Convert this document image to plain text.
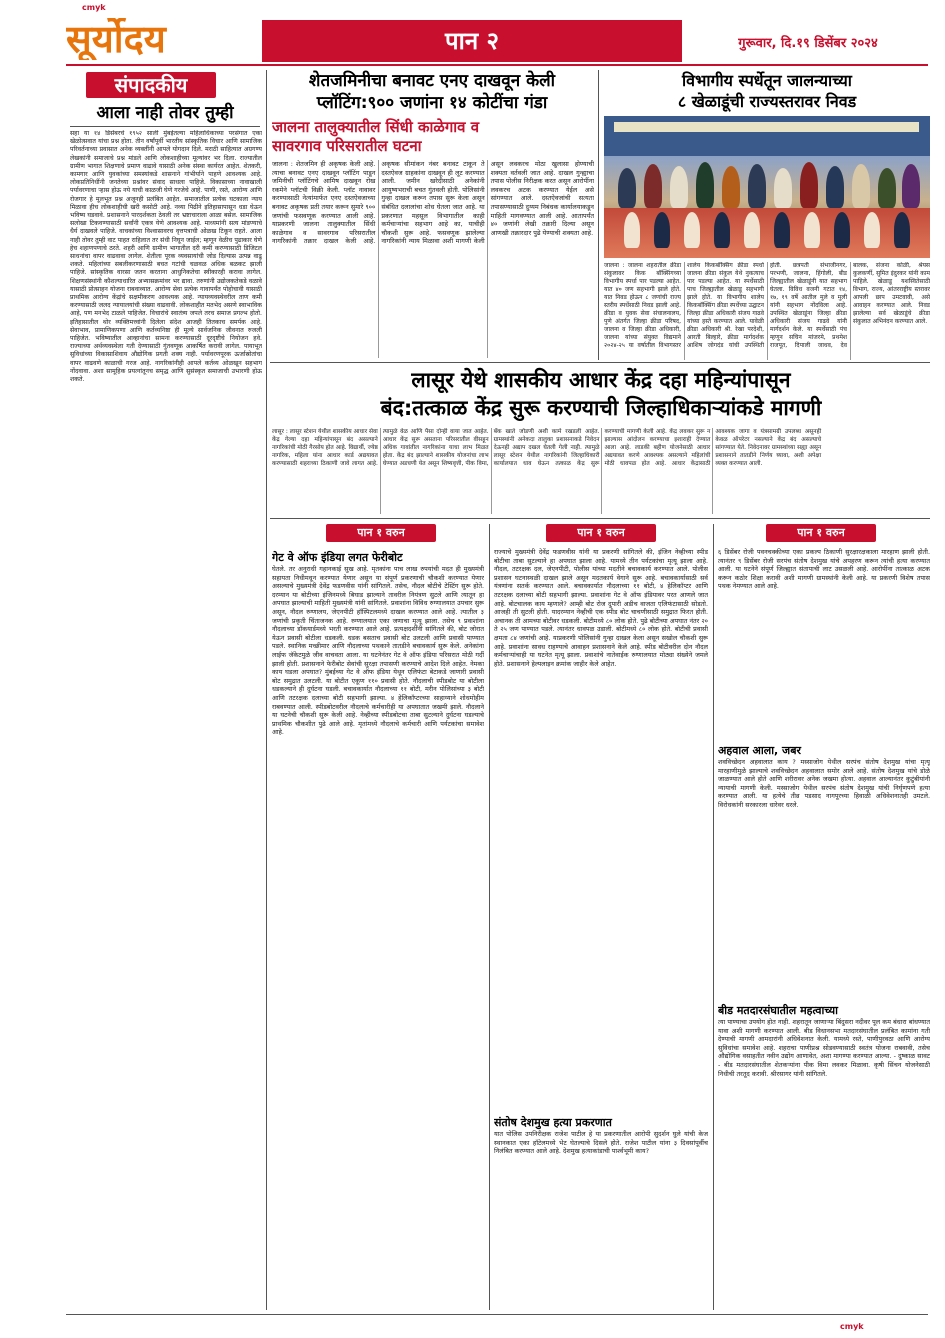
cmyk
सूर्योदय	पान २	गुरूवार, दि.१९ डिसेंबर २०२४
संपादकीय
आला नाही तोवर तुम्ही
सहा या १४ डिसेंबरचे १९५२ साली मुंबईतल्या महिलाधिकाच्या परसंगात एका खेळोत्सवात यांचा प्रश्न होता. तीन वर्षांपूर्वी भारतीय सांस्कृतिक विचार आणि सामाजिक परिवर्तनाच्या प्रवासात अनेक व्यक्तींनी आपले योगदान दिले. मराठी साहित्यात अग्रगण्य लेखकांनी समाजाचे प्रश्न मांडले आणि लोकशाहीच्या मूल्यांवर भर दिला. राज्यातील ग्रामीण भागात शिक्षणाचे प्रमाण वाढावे यासाठी अनेक संस्था कार्यरत आहेत. शेतकरी, कामगार आणि युवकांच्या समस्यांकडे शासनाने गांभीर्याने पाहणे आवश्यक आहे. लोकप्रतिनिधींनी जनतेच्या प्रश्नांवर संवाद साधला पाहिजे. विकासाच्या नावाखाली पर्यावरणाचा ऱ्हास होऊ नये याची काळजी घेणे गरजेचे आहे. पाणी, रस्ते, आरोग्य आणि रोजगार हे मूलभूत प्रश्न अजूनही प्रलंबित आहेत. समाजातील प्रत्येक घटकाला न्याय मिळावा हीच लोकशाहीची खरी कसोटी आहे. नव्या पिढीने इतिहासापासून धडा घेऊन भविष्य घडवावे. प्रशासनाने पारदर्शकता ठेवली तर भ्रष्टाचाराला आळा बसेल. सामाजिक सलोखा टिकवण्यासाठी सर्वांनी एकत्र येणे आवश्यक आहे. माध्यमांनी सत्य मांडण्याचे धैर्य दाखवले पाहिजे. वाचकांच्या विश्वासावरच वृत्तपत्राची ओळख टिकून राहते. आला नाही तोवर तुम्ही वाट पाहत राहिलात तर संधी निघून जाईल; म्हणून वेळीच पुढाकार घेणे हेच शहाणपणाचे ठरते. शहरी आणि ग्रामीण भागातील दरी कमी करण्यासाठी डिजिटल साधनांचा वापर वाढवावा लागेल. शेतीला पूरक व्यवसायांची जोड दिल्यास उत्पन्न वाढू शकते. महिलांच्या सबलीकरणासाठी बचत गटांची चळवळ अधिक बळकट झाली पाहिजे. सांस्कृतिक वारसा जतन करताना आधुनिकतेचा स्वीकारही करावा लागेल. शिक्षणसंस्थांनी कौशल्याधारित अभ्यासक्रमांवर भर द्यावा. तरुणांनी उद्योजकतेकडे वळावे यासाठी प्रोत्साहन योजना राबवाव्यात. आरोग्य सेवा प्रत्येक गावापर्यंत पोहोचावी यासाठी प्राथमिक आरोग्य केंद्रांचे सक्षमीकरण आवश्यक आहे. न्यायव्यवस्थेवरील ताण कमी करण्यासाठी जलद न्यायालयांची संख्या वाढवावी. लोकशाहीत मतभेद असणे स्वाभाविक आहे, पण मनभेद टाळले पाहिजेत. विचारांचे स्वातंत्र्य जपले तरच समाज प्रगल्भ होतो. इतिहासातील थोर व्यक्तिमत्त्वांनी दिलेला संदेश आजही तितकाच समर्पक आहे. सेवाभाव, प्रामाणिकपणा आणि कर्तव्यनिष्ठा ही मूल्ये सार्वजनिक जीवनात रुजली पाहिजेत. भविष्यातील आव्हानांचा सामना करण्यासाठी दूरदृष्टीचे नियोजन हवे. राज्याच्या अर्थव्यवस्थेला गती देण्यासाठी गुंतवणूक आकर्षित करावी लागेल. पायाभूत सुविधांच्या विकासाशिवाय औद्योगिक प्रगती शक्य नाही. पर्यावरणपूरक ऊर्जास्रोतांचा वापर वाढवणे काळाची गरज आहे. नागरिकांनीही आपले कर्तव्य ओळखून सहभाग नोंदवावा. अशा सामूहिक प्रयत्नांतूनच समृद्ध आणि सुसंस्कृत समाजाची उभारणी होऊ शकते.
शेतजमिनीचा बनावट एनए दाखवून केली
प्लॉटिंग:९०० जणांना १४ कोटींचा गंडा
जालना तालुक्यातील सिंधी काळेगाव व सावरगाव परिसरातील घटना
जालना : शेतजमिन ही अकृषक केली आहे. त्याचा बनावट एनए दाखवून प्लॉटिंग पाडून जमिनीची प्लॉटिंगचे आमिष दाखवून रोख रकमेने प्लॉटची विक्री केली. प्लॉट नावावर करण्यासाठी नेत्यांमार्फत एनए दस्तऐवजाच्या बनावट अकृषक प्रती तयार करून सुमारे ९०० जणांची फसवणूक करण्यात आली आहे. याप्रकरणी जालना तालुक्यातील सिंधी काळेगाव व सावरगाव परिसरातील नागरिकांनी तक्रार दाखल केली आहे. अकृषक सीमांकन नंबर बनावट टाकून ते दस्तऐवज ग्राहकांना दाखवून ही लूट करण्यात आली. जमीन खरेदीसाठी अनेकांनी आयुष्यभराची बचत गुंतवली होती. पोलिसांनी गुन्हा दाखल करून तपास सुरू केला असून संबंधित दलालांचा शोध घेतला जात आहे. या प्रकरणात महसूल विभागातील काही कर्मचाऱ्यांचा सहभाग आहे का, याचीही चौकशी सुरू आहे. फसवणूक झालेल्या नागरिकांनी न्याय मिळावा अशी मागणी केली असून लवकरच मोठा खुलासा होण्याची शक्यता वर्तवली जात आहे. दाखल गुन्ह्याचा तपास पोलीस निरीक्षक करत असून आरोपींना लवकरच अटक करण्यात येईल असे सांगण्यात आले. दस्तऐवजांची सत्यता तपासण्यासाठी दुय्यम निबंधक कार्यालयाकडून माहिती मागवण्यात आली आहे. आतापर्यंत ४० जणांनी लेखी तक्रारी दिल्या असून आणखी तक्रारदार पुढे येण्याची शक्यता आहे.
विभागीय स्पर्धेतून जालन्याच्या
८ खेळाडूंची राज्यस्तरावर निवड
जालना : जालना शहरातील क्रीडा संकुलावर किक बॉक्सिंगच्या विभागीय स्पर्धा पार पडल्या आहेत. यात ४० जण सहभागी झाले होते. यात निवड होऊन ८ जणांची राज्य स्तरीय स्पर्धेसाठी निवड झाली आहे. क्रीडा व युवक सेवा संचालनालय, पुणे अंतर्गत जिल्हा क्रीडा परिषद, जालना व जिल्हा क्रीडा अधिकारी, जालना यांच्या संयुक्त विद्यमाने २०२४-२५ या वर्षातील विभागस्तर शालेय किकबॉक्सिंग क्रीडा स्पर्धा जालना क्रीडा संकुल येथे नुकत्याच पार पडल्या आहेत. या स्पर्धेसाठी पाच जिल्ह्यातील खेळाडू सहभागी झाले होते. या विभागीय शालेय किकबॉक्सिंग क्रीडा स्पर्धेच्या उद्घाटन जिल्हा क्रीडा अधिकारी संजय गाढवे यांच्या हस्ते करण्यात आले. यावेळी क्रीडा अधिकारी श्री. रेखा परदेशी, आरती बिल्हारे, क्रीडा मार्गदर्शक आशिष जोगदंड यांची उपस्थिती होती. छत्रपती संभाजीनगर, परभणी, जालना, हिंगोली, बीड जिल्ह्यातील खेळाडूंनी यात सहभाग घेतला. विविध वजनी गटात १४, १७, १९ वर्षे आतील मुले व मुली यांनी सहभाग नोंदविला आहे. उपस्थित खेळाडूंना जिल्हा क्रीडा अधिकारी संजय गाढवे यांनी मार्गदर्शन केले. या स्पर्धेसाठी पंच म्हणून सचिन मांजरमे, प्रथमेश राजपूत, दिपाली जाधव, देव बालक, संजना कोळी, श्रेयस कुलकर्णी, सुमित इंदुरकर यांनी काम पाहिले. खेळाडू यशस्वितेसाठी विभाग, राज्य, आंतरराष्ट्रीय स्तरावर आपली छाप उमटवावी, असे आवाहन करण्यात आले. निवड झालेल्या सर्व खेळाडूंचे क्रीडा संकुलात अभिनंदन करण्यात आले.
लासूर येथे शासकीय आधार केंद्र दहा महिन्यांपासून
बंद:तत्काळ केंद्र सुरू करण्याची जिल्हाधिकाऱ्यांकडे मागणी
लासूर : लासूर स्टेशन येथील शासकीय आधार सेवा केंद्र गेल्या दहा महिन्यांपासून बंद असल्याने नागरिकांची मोठी गैरसोय होत आहे. विद्यार्थी, ज्येष्ठ नागरिक, महिला यांना आधार कार्ड अद्ययावत करण्यासाठी शहराच्या ठिकाणी जावे लागत आहे. त्यामुळे वेळ आणि पैसा दोन्ही वाया जात आहेत. आधार केंद्र सुरू असताना परिसरातील वीसहून अधिक गावांतील नागरिकांना याचा लाभ मिळत होता. केंद्र बंद झाल्याने शासकीय योजनांचा लाभ घेण्यात अडचणी येत असून शिष्यवृत्ती, पीक विमा, बँक खाते जोडणी अशी कामे रखडली आहेत. ग्रामस्थांनी अनेकदा तालुका प्रशासनाकडे निवेदन देऊनही अद्याप दखल घेतली गेली नाही. त्यामुळे लासूर स्टेशन येथील नागरिकांनी जिल्हाधिकारी कार्यालयात धाव घेऊन तत्काळ केंद्र सुरू करण्याची मागणी केली आहे. केंद्र लवकर सुरू न झाल्यास आंदोलन करण्याचा इशाराही देण्यात आला आहे. लाडकी बहीण योजनेसाठी आधार अद्ययावत करणे आवश्यक असल्याने महिलांची मोठी धावपळ होत आहे. आधार केंद्रासाठी आवश्यक जागा व यंत्रसामग्री उपलब्ध असूनही केवळ ऑपरेटर नसल्याने केंद्र बंद असल्याचे सांगण्यात येते. निवेदनावर ग्रामस्थांच्या सह्या असून प्रशासनाने तातडीने निर्णय घ्यावा, अशी अपेक्षा व्यक्त करण्यात आली.
पान १ वरुन	पान १ वरुन	पान १ वरुन
गेट वे ऑफ इंडिया लगत फेरीबोट
घेतले. तर अनुराधी गहानकाई सुख आहे. मृतकांना पाच लाख रुपयांची मदत ही मुख्यमंत्री सहायता निधीमधून करण्यात येणार असून या संपूर्ण प्रकरणाची चौकशी करण्यात येणार असल्याचे मुख्यमंत्री देवेंद्र फडणवीस यांनी सांगितले. तसेच, नौदल बोटीचे टेस्टिंग सुरू होते. दरम्यान या बोटीच्या इंजिनमध्ये बिघाड झाल्याने तावरील नियंत्रण सुटले आणि त्यातून हा अपघात झाल्याची माहिती मुख्यमंत्री यांनी सांगितले. प्रवाशांना विविध रुग्णालयात उपचार सुरू असून, नौदल रुग्णालय, जेएनपीटी हॉस्पिटलमध्ये दाखल करण्यात आले आहे. त्यातील ३ जणांची प्रकृती चिंताजनक आहे. रुग्णालयात एका जणाचा मृत्यू झाला. तसेच ९ प्रवाशांना नौदलाच्या डॉकयार्डमध्ये भरती करण्यात आले आहे. प्रत्यक्षदर्शींनी सांगितले की, बोट जोरात येऊन प्रवासी बोटीला धडकली. धडक बसताच प्रवासी बोट उलटली आणि प्रवासी पाण्यात पडले. स्थानिक मच्छीमार आणि नौदलाच्या पथकाने तातडीने बचावकार्य सुरू केले. अनेकांना लाईफ जॅकेटमुळे जीव वाचवता आला. या घटनेनंतर गेट वे ऑफ इंडिया परिसरात मोठी गर्दी झाली होती. प्रशासनाने फेरीबोट सेवांची सुरक्षा तपासणी करण्याचे आदेश दिले आहेत. नेमका काय घडला अपघात? मुंबईच्या गेट वे ऑफ इंडिया येथून एलिफंटा बेटाकडे जाणारी प्रवासी बोट समुद्रात उलटली. या बोटीत एकूण ११० प्रवासी होते. नौदलाची स्पीडबोट या बोटीला धडकल्याने ही दुर्घटना घडली. बचावकार्यात नौदलाच्या ११ बोटी, मरीन पोलिसांच्या ३ बोटी आणि तटरक्षक दलाच्या बोटी सहभागी झाल्या. ४ हेलिकॉप्टरच्या साहाय्याने शोधमोहीम राबवण्यात आली. स्पीडबोटवरील नौदलाचे कर्मचारीही या अपघातात जखमी झाले. नौदलाने या घटनेची चौकशी सुरू केली आहे. नेव्हीच्या स्पीडबोटचा ताबा सुटल्याने दुर्घटना घडल्याचे प्राथमिक चौकशीत पुढे आले आहे. मृतांमध्ये नौदलाचे कर्मचारी आणि पर्यटकांचा समावेश आहे.
राज्याचे मुख्यमंत्री देवेंद्र फडणवीस यांनी या प्रकरणी सांगितले की, इंजिन नेव्हीच्या स्पीड बोटीचा ताबा सुटल्याने हा अपघात झाला आहे. यामध्ये तीन पर्यटकांचा मृत्यू झाला आहे. नौदल, तटरक्षक दल, जेएनपीटी, पोलीस यांच्या मदतीने बचावकार्य करण्यात आले. पोलीस प्रशासन घटनास्थळी दाखल झाले असून मदतकार्य वेगाने सुरू आहे. बचावकार्यासाठी सर्व यंत्रणांना सतर्क करण्यात आले. बचावकार्यात नौदलाच्या ११ बोटी, ४ हेलिकॉप्टर आणि तटरक्षक दलाच्या बोटी सहभागी झाल्या. प्रवाशांना गेट वे ऑफ इंडियावर परत आणले जात आहे. बोटचालक काय म्हणाले? आम्ही बोट रोज दुपारी अडीच वाजता एलिफंटासाठी सोडतो. आजही ती सुटली होती. यादरम्यान नेव्हीची एक स्पीड बोट चाचणीसाठी समुद्रात फिरत होती. अचानक ती आमच्या बोटीवर धडकली. बोटीमध्ये ८० लोक होते. पुढे बोटीच्या अपघात नंतर २० ते २५ जण पाण्यात पडले. त्यानंतर धावपळ उडाली. बोटीमध्ये ८० लोक होते. बोटीची प्रवासी क्षमता ८४ जणांची आहे. याप्रकरणी पोलिसांनी गुन्हा दाखल केला असून सखोल चौकशी सुरू आहे. प्रवाशांना सावध राहण्याचे आवाहन प्रशासनाने केले आहे. स्पीड बोटीवरील दोन नौदल कर्मचाऱ्यांचाही या घटनेत मृत्यू झाला. प्रवाशांचे नातेवाईक रुग्णालयात मोठ्या संख्येने जमले होते. प्रशासनाने हेल्पलाइन क्रमांक जाहीर केले आहेत.
संतोष देशमुख हत्या प्रकरणात
यात पोलिस उपनिरीक्षक राजेश पाटील हे या प्रकरणातील आरोपी सुदर्शन घुले यांची केज स्थानकात एका हॉटेलमध्ये भेट घेतल्याचे दिसले होते. राजेश पाटील यांना ३ दिवसांपूर्वीच निलंबित करण्यात आले आहे. देशमुख हत्याकांडाची पार्श्वभूमी काय?
६ डिसेंबर रोजी पवनचक्कीच्या एका प्रकल्प ठिकाणी सुरक्षारक्षकाला मारहाण झाली होती. त्यानंतर ९ डिसेंबर रोजी सरपंच संतोष देशमुख यांचे अपहरण करून त्यांची हत्या करण्यात आली. या घटनेने संपूर्ण जिल्ह्यात संतापाची लाट उसळली आहे. आरोपींना तात्काळ अटक करून कठोर शिक्षा करावी अशी मागणी ग्रामस्थांनी केली आहे. या प्रकरणी विशेष तपास पथक नेमण्यात आले आहे.
अहवाल आला, जबर
शवविच्छेदन अहवालात काय ? मस्साजोग येथील सरपंच संतोष देशमुख यांचा मृत्यू मारहाणीमुळे झाल्याचे शवविच्छेदन अहवालात समोर आले आहे. संतोष देशमुख यांचे डोळे जाळण्यात आले होते आणि शरीरावर अनेक जखमा होत्या. अहवाल आल्यानंतर कुटुंबीयांनी न्यायाची मागणी केली. मस्साजोग येथील सरपंच संतोष देशमुख यांची निर्घृणपणे हत्या करण्यात आली. या हत्येचे तीव्र पडसाद नागपूरच्या हिवाळी अधिवेशनातही उमटले. विरोधकांनी सरकारला धारेवर धरले.
बीड मतदारसंघातील महत्वाच्या
त्या पाण्याचा उपयोग होत नाही. शहरातून जाणाऱ्या बिंदुसरा नदीवर पूल कम बंधारा बांधण्यात यावा अशी मागणी करण्यात आली. बीड विधानसभा मतदारसंघातील प्रलंबित कामांना गती देण्याची मागणी आमदारांनी अधिवेशनात केली. यामध्ये रस्ते, पाणीपुरवठा आणि आरोग्य सुविधांचा समावेश आहे. शहराचा पाणीप्रश्न सोडवण्यासाठी स्वतंत्र योजना राबवावी, तसेच औद्योगिक वसाहतीत नवीन उद्योग आणावेत, अशा मागण्या करण्यात आल्या. - दुष्काळ सावट - बीड मतदारसंघातील शेतकऱ्यांना पीक विमा लवकर मिळावा. कृषी सिंचन योजनेसाठी निधीची तरतूद करावी. श्रीरसागर यांनी सांगितले.
cmyk
